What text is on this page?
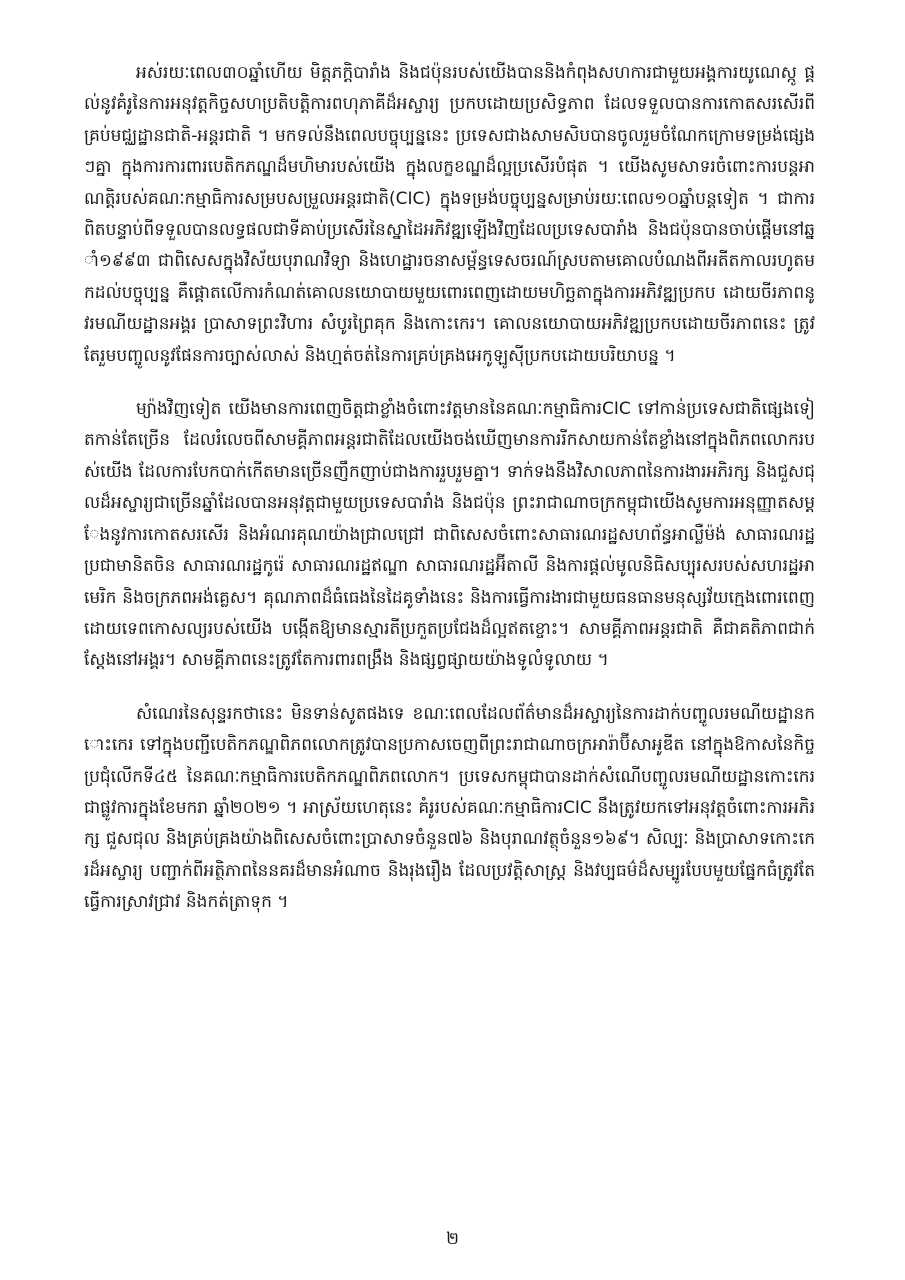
អស់រយៈពេល៣០ឆ្នាំហើយ មិត្តភក្ដិបារាំង និងជប៉ុនរបស់យើងបាននិងកំពុងសហការជាមួយអង្គការយូណេស្កូ ផ្តល់នូវគំរូនៃការអនុវត្តកិច្ចសហប្រតិបត្តិការពហុភាគីដ៏អស្ចារ្យ ប្រកបដោយប្រសិទ្ធភាព ដែលទទួលបានការកោតសរសើរពីគ្រប់មជ្ឈដ្ឋានជាតិ-អន្តរជាតិ ។ មកទល់នឹងពេលបច្ចុប្បន្ននេះ ប្រទេសជាងសាមសិបបានចូលរួមចំណែកក្រោមទម្រង់ផ្សេងៗគ្នា ក្នុងការការពារបេតិកភណ្ឌដ៏មហិមារបស់យើង ក្នុងលក្ខខណ្ឌដ៏ល្អប្រសើរបំផុត ។ យើងសូមសាទរចំពោះការបន្តអាណត្តិរបស់គណៈកម្មាធិការសម្របសម្រួលអន្តរជាតិ(CIC) ក្នុងទម្រង់បច្ចុប្បន្នសម្រាប់រយៈពេល១០ឆ្នាំបន្តទៀត ។ ជាការពិតបន្ទាប់ពីទទួលបានលទ្ធផលជាទីគាប់ប្រសើរនៃស្នាដៃអភិវឌ្ឍឡើងវិញដែលប្រទេសបារាំង និងជប៉ុនបានចាប់ផ្ដើមនៅឆ្នាំ១៩៩៣ ជាពិសេសក្នុងវិស័យបុរាណវិទ្យា និងហេដ្ឋារចនាសម្ព័ន្ធទេសចរណ៍ស្របតាមគោលបំណងពីអតីតកាលរហូតមកដល់បច្ចុប្បន្ន គឺផ្ដោតលើការកំណត់គោលនយោបាយមួយពោរពេញដោយមហិច្ឆតាក្នុងការអភិវឌ្ឍប្រកប ដោយចីរភាពនូវរមណីយដ្ឋានអង្គរ ប្រាសាទព្រះវិហារ សំបូរព្រៃគុក និងកោះកេរ។ គោលនយោបាយអភិវឌ្ឍប្រកបដោយចីរភាពនេះ ត្រូវតែរួមបញ្ចូលនូវផែនការច្បាស់លាស់ និងហ្មត់ចត់នៃការគ្រប់គ្រងអេកូឡូស៊ីប្រកបដោយបរិយាបន្ន ។

ម្យ៉ាងវិញទៀត យើងមានការពេញចិត្តជាខ្លាំងចំពោះវត្តមាននៃគណៈកម្មាធិការCIC ទៅកាន់ប្រទេសជាតិផ្សេងទៀតកាន់តែច្រើន ដែលរំលេចពីសាមគ្គីភាពអន្តរជាតិដែលយើងចង់ឃើញមានការរីកសាយកាន់តែខ្លាំងនៅក្នុងពិភពលោករបស់យើង ដែលការបែកបាក់កើតមានច្រើនញឹកញាប់ជាងការរួបរួមគ្នា។ ទាក់ទងនឹងវិសាលភាពនៃការងារអភិរក្ស និងជួសជុលដ៏អស្ចារ្យជាច្រើនឆ្នាំដែលបានអនុវត្តជាមួយប្រទេសបារាំង និងជប៉ុន ព្រះរាជាណាចក្រកម្ពុជាយើងសូមការអនុញ្ញាតសម្ដែងនូវការកោតសរសើរ និងអំណរគុណយ៉ាងជ្រាលជ្រៅ ជាពិសេសចំពោះសាធារណរដ្ឋសហព័ន្ធអាល្លឺម៉ង់ សាធារណរដ្ឋប្រជាមានិតចិន សាធារណរដ្ឋកូរ៉េ សាធារណរដ្ឋឥណ្ឌា សាធារណរដ្ឋអ៊ីតាលី និងការផ្ដល់មូលនិធិសប្បុរសរបស់សហរដ្ឋអាមេរិក និងចក្រភពអង់គ្លេស។ គុណភាពដ៏ធំធេងនៃដៃគូទាំងនេះ និងការធ្វើការងារជាមួយធនធានមនុស្សវ័យក្មេងពោរពេញដោយទេពកោសល្យរបស់យើង បង្កើតឱ្យមានស្មារតីប្រកួតប្រជែងដ៏ល្អឥតខ្ចោះ។ សាមគ្គីភាពអន្តរជាតិ គឺជាគតិភាពជាក់ស្ដែងនៅអង្គរ។ សាមគ្គីភាពនេះត្រូវតែការពារពង្រឹង និងផ្សព្វផ្សាយយ៉ាងទូលំទូលាយ ។

សំណេរនៃសុន្ទរកថានេះ មិនទាន់សូតផងទេ ខណៈពេលដែលព័ត៌មានដ៏អស្ចារ្យនៃការដាក់បញ្ចូលរមណីយដ្ឋានកោះកេរ ទៅក្នុងបញ្ជីបេតិកភណ្ឌពិភពលោកត្រូវបានប្រកាសចេញពីព្រះរាជាណាចក្រអារ៉ាប៊ីសាអូឌីត នៅក្នុងឱកាសនៃកិច្ចប្រជុំលើកទី៤៥ នៃគណៈកម្មាធិការបេតិកភណ្ឌពិភពលោក។ ប្រទេសកម្ពុជាបានដាក់សំណើបញ្ចូលរមណីយដ្ឋានកោះកេរជាផ្លូវការក្នុងខែមករា ឆ្នាំ២០២១ ។ អាស្រ័យហេតុនេះ គំរូរបស់គណៈកម្មាធិការCIC នឹងត្រូវយកទៅអនុវត្តចំពោះការអភិរក្ស ជួសជុល និងគ្រប់គ្រងយ៉ាងពិសេសចំពោះប្រាសាទចំនួន៧៦ និងបុរាណវត្ថុចំនួន១៦៩។ សិល្បៈ និងប្រាសាទកោះកេរដ៏អស្ចារ្យ បញ្ជាក់ពីអត្ថិភាពនៃនគរដ៏មានអំណាច និងរុងរឿង ដែលប្រវត្តិសាស្ត្រ និងវប្បធម៌ដ៏សម្បូរបែបមួយផ្នែកធំត្រូវតែធ្វើការស្រាវជ្រាវ និងកត់ត្រាទុក ។

២
